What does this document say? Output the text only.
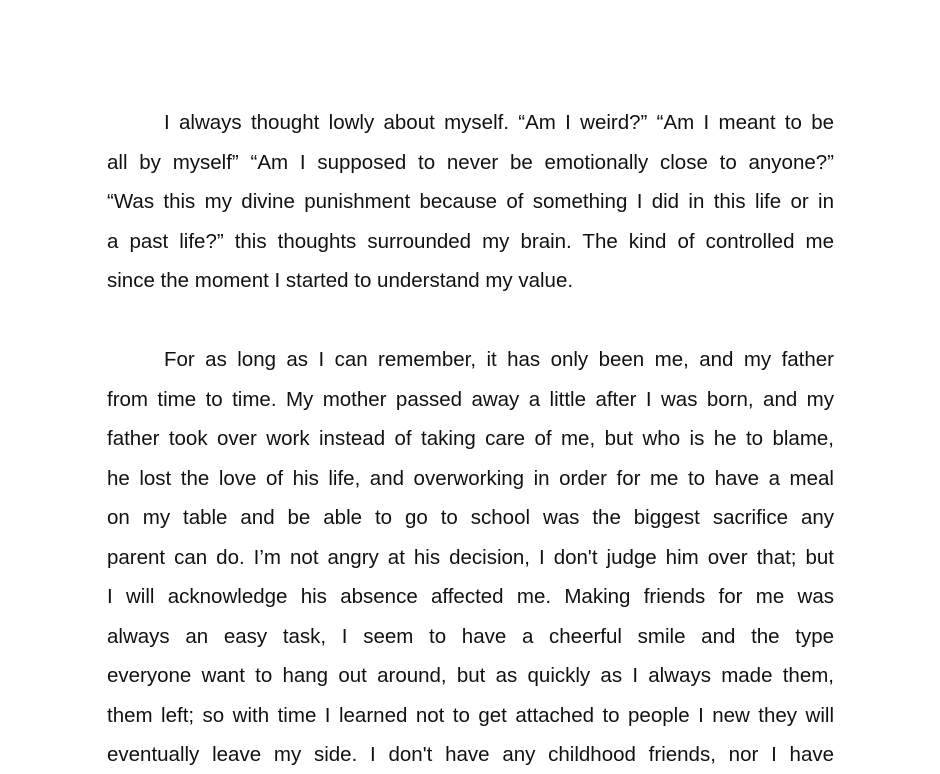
I always thought lowly about myself. “Am I weird?” “Am I meant to be
all by myself” “Am I supposed to never be emotionally close to anyone?”
“Was this my divine punishment because of something I did in this life or in
a past life?” this thoughts surrounded my brain. The kind of controlled me
since the moment I started to understand my value.
For as long as I can remember, it has only been me, and my father
from time to time. My mother passed away a little after I was born, and my
father took over work instead of taking care of me, but who is he to blame,
he lost the love of his life, and overworking in order for me to have a meal
on my table and be able to go to school was the biggest sacrifice any
parent can do. I’m not angry at his decision, I don't judge him over that; but
I will acknowledge his absence affected me. Making friends for me was
always an easy task, I seem to have a cheerful smile and the type
everyone want to hang out around, but as quickly as I always made them,
them left; so with time I learned not to get attached to people I new they will
eventually leave my side. I don't have any childhood friends, nor I have
